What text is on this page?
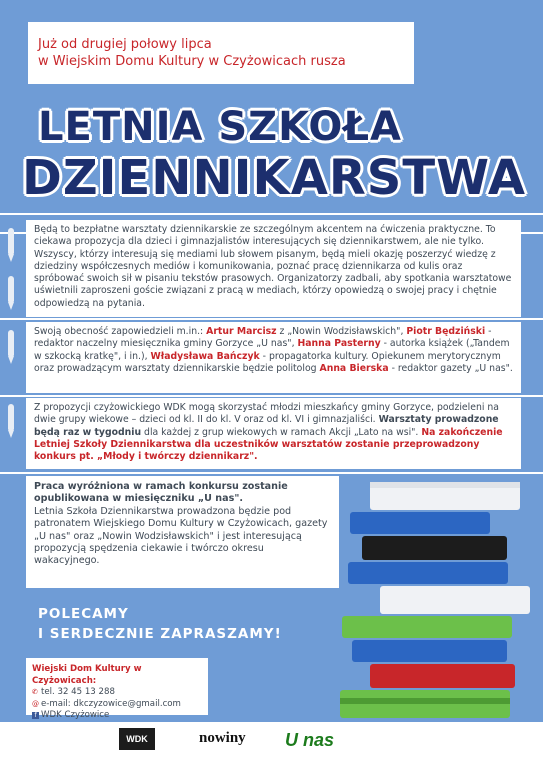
Już od drugiej połowy lipca
w Wiejskim Domu Kultury w Czyżowicach rusza

LETNIA SZKOŁA
DZIENNIKARSTWA
Będą to bezpłatne warsztaty dziennikarskie ze szczególnym akcentem na ćwiczenia praktyczne. To ciekawa propozycja dla dzieci i gimnazjalistów interesujących się dziennikarstwem, ale nie tylko. Wszyscy, którzy interesują się mediami lub słowem pisanym, będą mieli okazję poszerzyć wiedzę z dziedziny współczesnych mediów i komunikowania, poznać pracę dziennikarza od kulis oraz spróbować swoich sił w pisaniu tekstów prasowych. Organizatorzy zadbali, aby spotkania warsztatowe uświetnili zaproszeni goście związani z pracą w mediach, którzy opowiedzą o swojej pracy i chętnie odpowiedzą na pytania.
Swoją obecność zapowiedzieli m.in.: Artur Marcisz z „Nowin Wodzisławskich", Piotr Będziński - redaktor naczelny miesięcznika gminy Gorzyce „U nas", Hanna Pasterny - autorka książek („Tandem w szkocką kratkę", i in.), Władysława Bańczyk - propagatorka kultury. Opiekunem merytorycznym oraz prowadzącym warsztaty dziennikarskie będzie politolog Anna Bierska - redaktor gazety „U nas".
Z propozycji czyżowickiego WDK mogą skorzystać młodzi mieszkańcy gminy Gorzyce, podzieleni na dwie grupy wiekowe – dzieci od kl. II do kl. V oraz od kl. VI i gimnazjaliści. Warsztaty prowadzone będą raz w tygodniu dla każdej z grup wiekowych w ramach Akcji „Lato na wsi". Na zakończenie Letniej Szkoły Dziennikarstwa dla uczestników warsztatów zostanie przeprowadzony konkurs pt. „Młody i twórczy dziennikarz".
Praca wyróżniona w ramach konkursu zostanie opublikowana w miesięczniku „U nas".
Letnia Szkoła Dziennikarstwa prowadzona będzie pod patronatem Wiejskiego Domu Kultury w Czyżowicach, gazety „U nas" oraz „Nowin Wodzisławskich" i jest interesującą propozycją spędzenia ciekawie i twórczo okresu wakacyjnego.

POLECAMY
I SERDECZNIE ZAPRASZAMY!

Wiejski Dom Kultury w Czyżowicach:
✆ tel. 32 45 13 288
@ e-mail: dkczyzowice@gmail.com
f WDK Czyżowice
WDK	nowiny U nas
